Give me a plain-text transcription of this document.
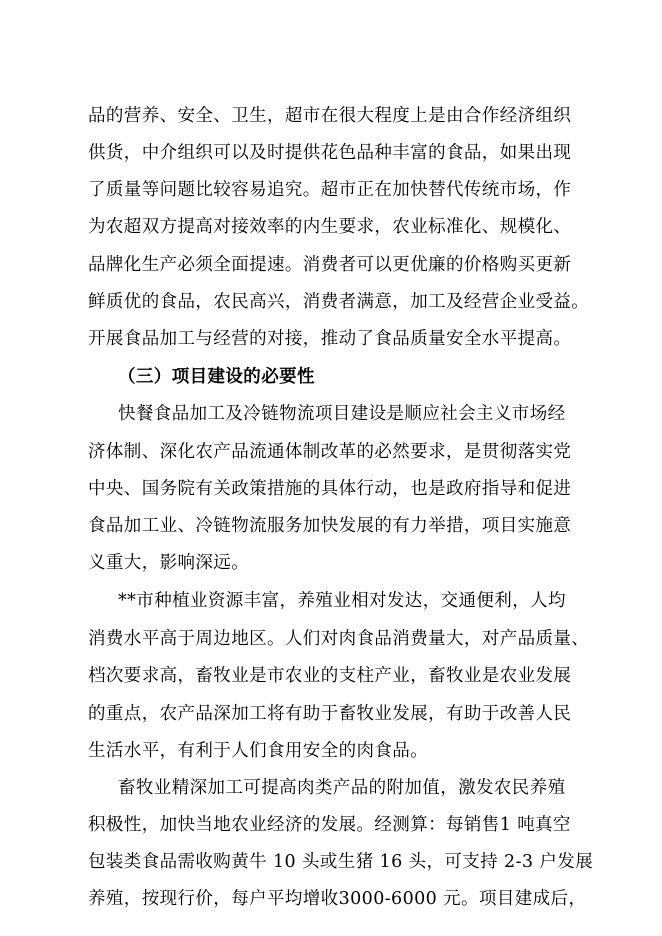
品的营养、安全、卫生，超市在很大程度上是由合作经济组织
供货，中介组织可以及时提供花色品种丰富的食品，如果出现
了质量等问题比较容易追究。超市正在加快替代传统市场，作
为农超双方提高对接效率的内生要求，农业标准化、规模化、
品牌化生产必须全面提速。消费者可以更优廉的价格购买更新
鲜质优的食品，农民高兴，消费者满意，加工及经营企业受益。
开展食品加工与经营的对接，推动了食品质量安全水平提高。
（三）项目建设的必要性
快餐食品加工及冷链物流项目建设是顺应社会主义市场经
济体制、深化农产品流通体制改革的必然要求，是贯彻落实党
中央、国务院有关政策措施的具体行动，也是政府指导和促进
食品加工业、冷链物流服务加快发展的有力举措，项目实施意
义重大，影响深远。
**市种植业资源丰富，养殖业相对发达，交通便利，人均
消费水平高于周边地区。人们对肉食品消费量大，对产品质量、
档次要求高，畜牧业是市农业的支柱产业，畜牧业是农业发展
的重点，农产品深加工将有助于畜牧业发展，有助于改善人民
生活水平，有利于人们食用安全的肉食品。
畜牧业精深加工可提高肉类产品的附加值，激发农民养殖
积极性，加快当地农业经济的发展。经测算：每销售1 吨真空
包装类食品需收购黄牛 10 头或生猪 16 头，可支持 2-3 户发展
养殖，按现行价，每户平均增收3000-6000 元。项目建成后，
